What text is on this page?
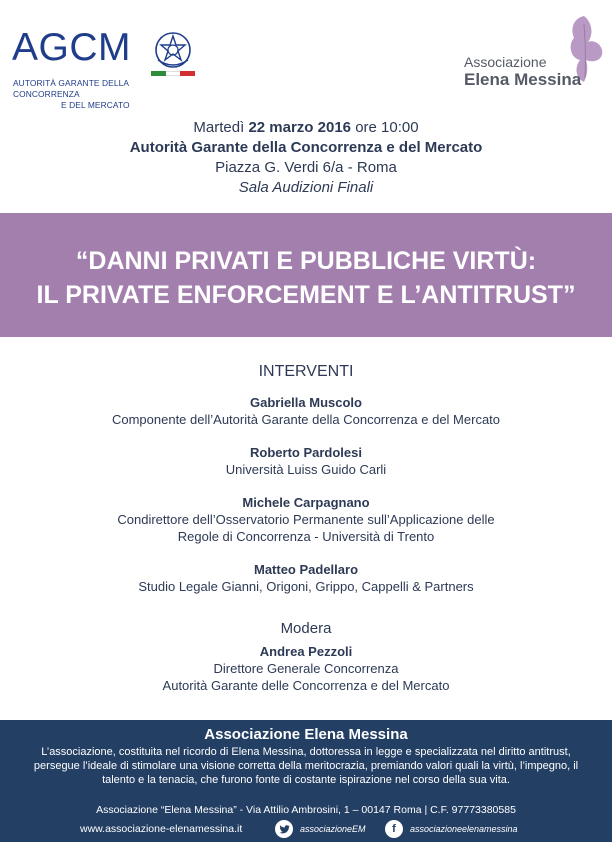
AGCM
AUTORITÀ GARANTE DELLA CONCORRENZA
E DEL MERCATO
Associazione
Elena Messina
Martedì 22 marzo 2016 ore 10:00
Autorità Garante della Concorrenza e del Mercato
Piazza G. Verdi 6/a - Roma
Sala Audizioni Finali
“DANNI PRIVATI E PUBBLICHE VIRTÙ:
IL PRIVATE ENFORCEMENT E L’ANTITRUST”
INTERVENTI
Gabriella Muscolo
Componente dell’Autorità Garante della Concorrenza e del Mercato
Roberto Pardolesi
Università Luiss Guido Carli
Michele Carpagnano
Condirettore dell’Osservatorio Permanente sull’Applicazione delle
Regole di Concorrenza - Università di Trento
Matteo Padellaro
Studio Legale Gianni, Origoni, Grippo, Cappelli & Partners
Modera
Andrea Pezzoli
Direttore Generale Concorrenza
Autorità Garante delle Concorrenza e del Mercato
Associazione Elena Messina
L’associazione, costituita nel ricordo di Elena Messina, dottoressa in legge e specializzata nel diritto antitrust, persegue l’ideale di stimolare una visione corretta della meritocrazia, premiando valori quali la virtù, l’impegno, il talento e la tenacia, che furono fonte di costante ispirazione nel corso della sua vita.
Associazione “Elena Messina” - Via Attilio Ambrosini, 1 – 00147 Roma | C.F. 97773380585
www.associazione-elenamessina.it	associazioneEM	f	associazioneelenamessina
